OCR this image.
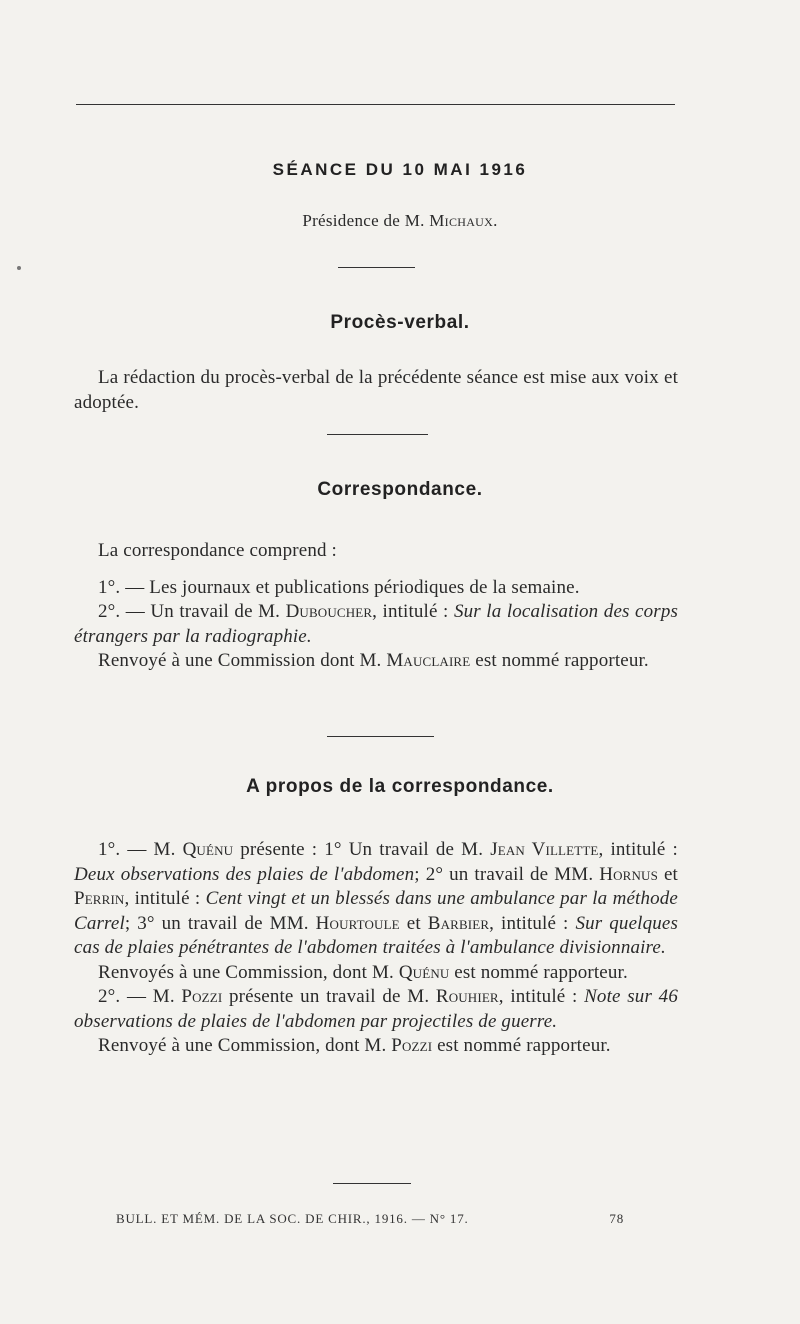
SÉANCE DU 10 MAI 1916
Présidence de M. Michaux.
Procès-verbal.

La rédaction du procès-verbal de la précédente séance est mise aux voix et adoptée.

Correspondance.

La correspondance comprend :

1°. — Les journaux et publications périodiques de la semaine.

2°. — Un travail de M. Duboucher, intitulé : Sur la localisation des corps étrangers par la radiographie.

Renvoyé à une Commission dont M. Mauclaire est nommé rapporteur.

A propos de la correspondance.

1°. — M. Quénu présente : 1° Un travail de M. Jean Villette, intitulé : Deux observations des plaies de l'abdomen; 2° un travail de MM. Hornus et Perrin, intitulé : Cent vingt et un blessés dans une ambulance par la méthode Carrel; 3° un travail de MM. Hourtoule et Barbier, intitulé : Sur quelques cas de plaies pénétrantes de l'abdomen traitées à l'ambulance divisionnaire.

Renvoyés à une Commission, dont M. Quénu est nommé rapporteur.

2°. — M. Pozzi présente un travail de M. Rouhier, intitulé : Note sur 46 observations de plaies de l'abdomen par projectiles de guerre.

Renvoyé à une Commission, dont M. Pozzi est nommé rapporteur.

BULL. ET MÉM. DE LA SOC. DE CHIR., 1916. — N° 17.	78
